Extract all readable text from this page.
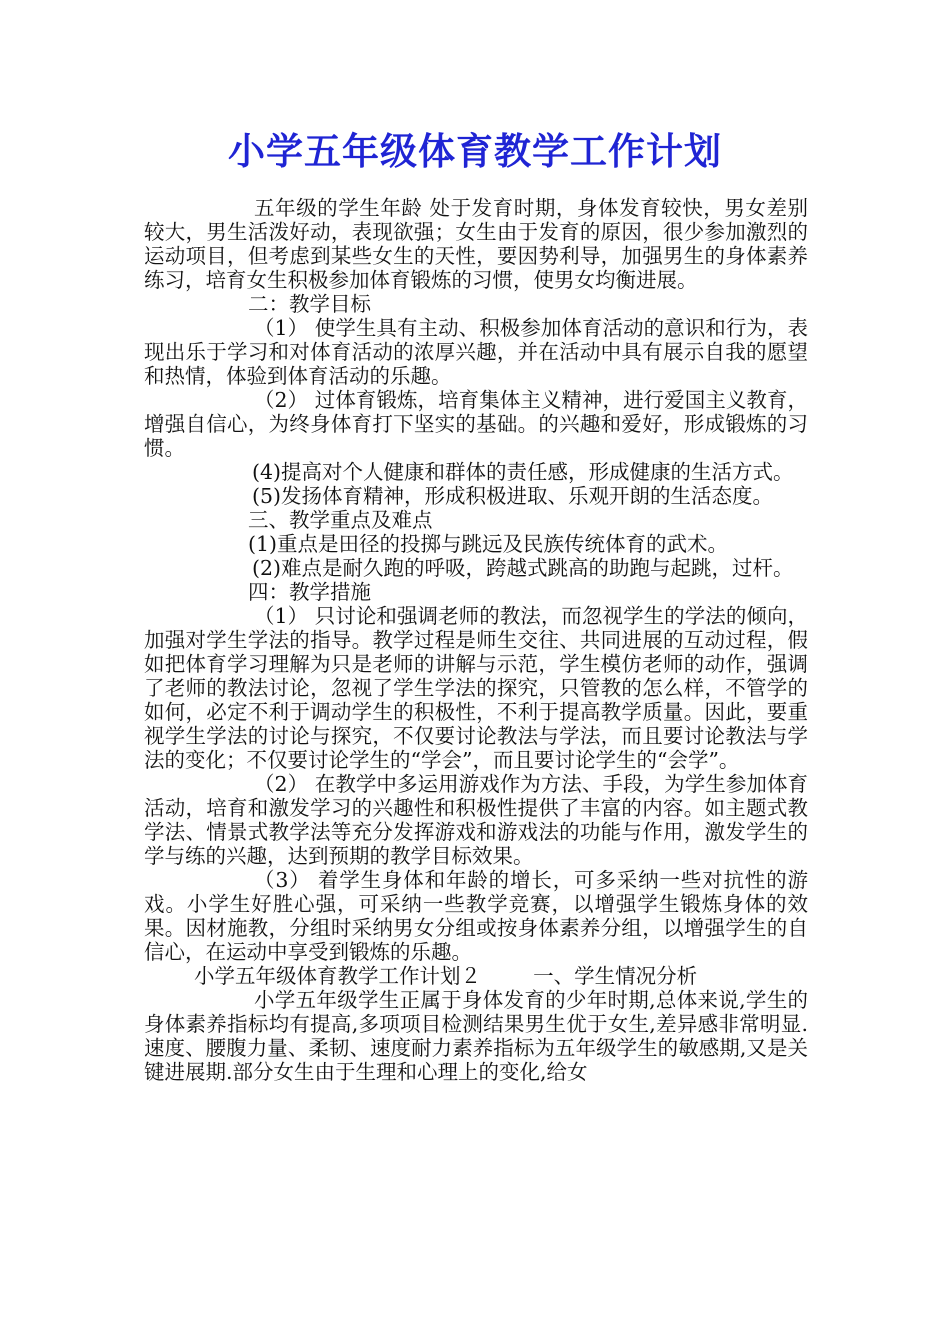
小学五年级体育教学工作计划

五年级的学生年龄 处于发育时期，身体发育较快，男女差别较大，男生活泼好动，表现欲强；女生由于发育的原因，很少参加激烈的运动项目，但考虑到某些女生的天性，要因势利导，加强男生的身体素养练习，培育女生积极参加体育锻炼的习惯，使男女均衡进展。

二：教学目标

（1） 使学生具有主动、积极参加体育活动的意识和行为，表现出乐于学习和对体育活动的浓厚兴趣，并在活动中具有展示自我的愿望和热情，体验到体育活动的乐趣。

（2） 过体育锻炼，培育集体主义精神，进行爱国主义教育，增强自信心，为终身体育打下坚实的基础。的兴趣和爱好，形成锻炼的习惯。

(4)提高对个人健康和群体的责任感，形成健康的生活方式。

(5)发扬体育精神，形成积极进取、乐观开朗的生活态度。

三、教学重点及难点

(1)重点是田径的投掷与跳远及民族传统体育的武术。

(2)难点是耐久跑的呼吸，跨越式跳高的助跑与起跳，过杆。

四：教学措施

（1） 只讨论和强调老师的教法，而忽视学生的学法的倾向，加强对学生学法的指导。教学过程是师生交往、共同进展的互动过程，假如把体育学习理解为只是老师的讲解与示范，学生模仿老师的动作，强调了老师的教法讨论，忽视了学生学法的探究，只管教的怎么样，不管学的如何，必定不利于调动学生的积极性，不利于提高教学质量。因此，要重视学生学法的讨论与探究，不仅要讨论教法与学法，而且要讨论教法与学法的变化；不仅要讨论学生的“学会”，而且要讨论学生的“会学”。

（2） 在教学中多运用游戏作为方法、手段，为学生参加体育活动，培育和激发学习的兴趣性和积极性提供了丰富的内容。如主题式教学法、情景式教学法等充分发挥游戏和游戏法的功能与作用，激发学生的学与练的兴趣，达到预期的教学目标效果。

（3） 着学生身体和年龄的增长，可多采纳一些对抗性的游戏。小学生好胜心强，可采纳一些教学竞赛，以增强学生锻炼身体的效果。因材施教，分组时采纳男女分组或按身体素养分组，以增强学生的自信心，在运动中享受到锻炼的乐趣。

小学五年级体育教学工作计划２        一、学生情况分析

小学五年级学生正属于身体发育的少年时期,总体来说,学生的身体素养指标均有提高,多项项目检测结果男生优于女生,差异感非常明显.速度、腰腹力量、柔韧、速度耐力素养指标为五年级学生的敏感期,又是关键进展期.部分女生由于生理和心理上的变化,给女
